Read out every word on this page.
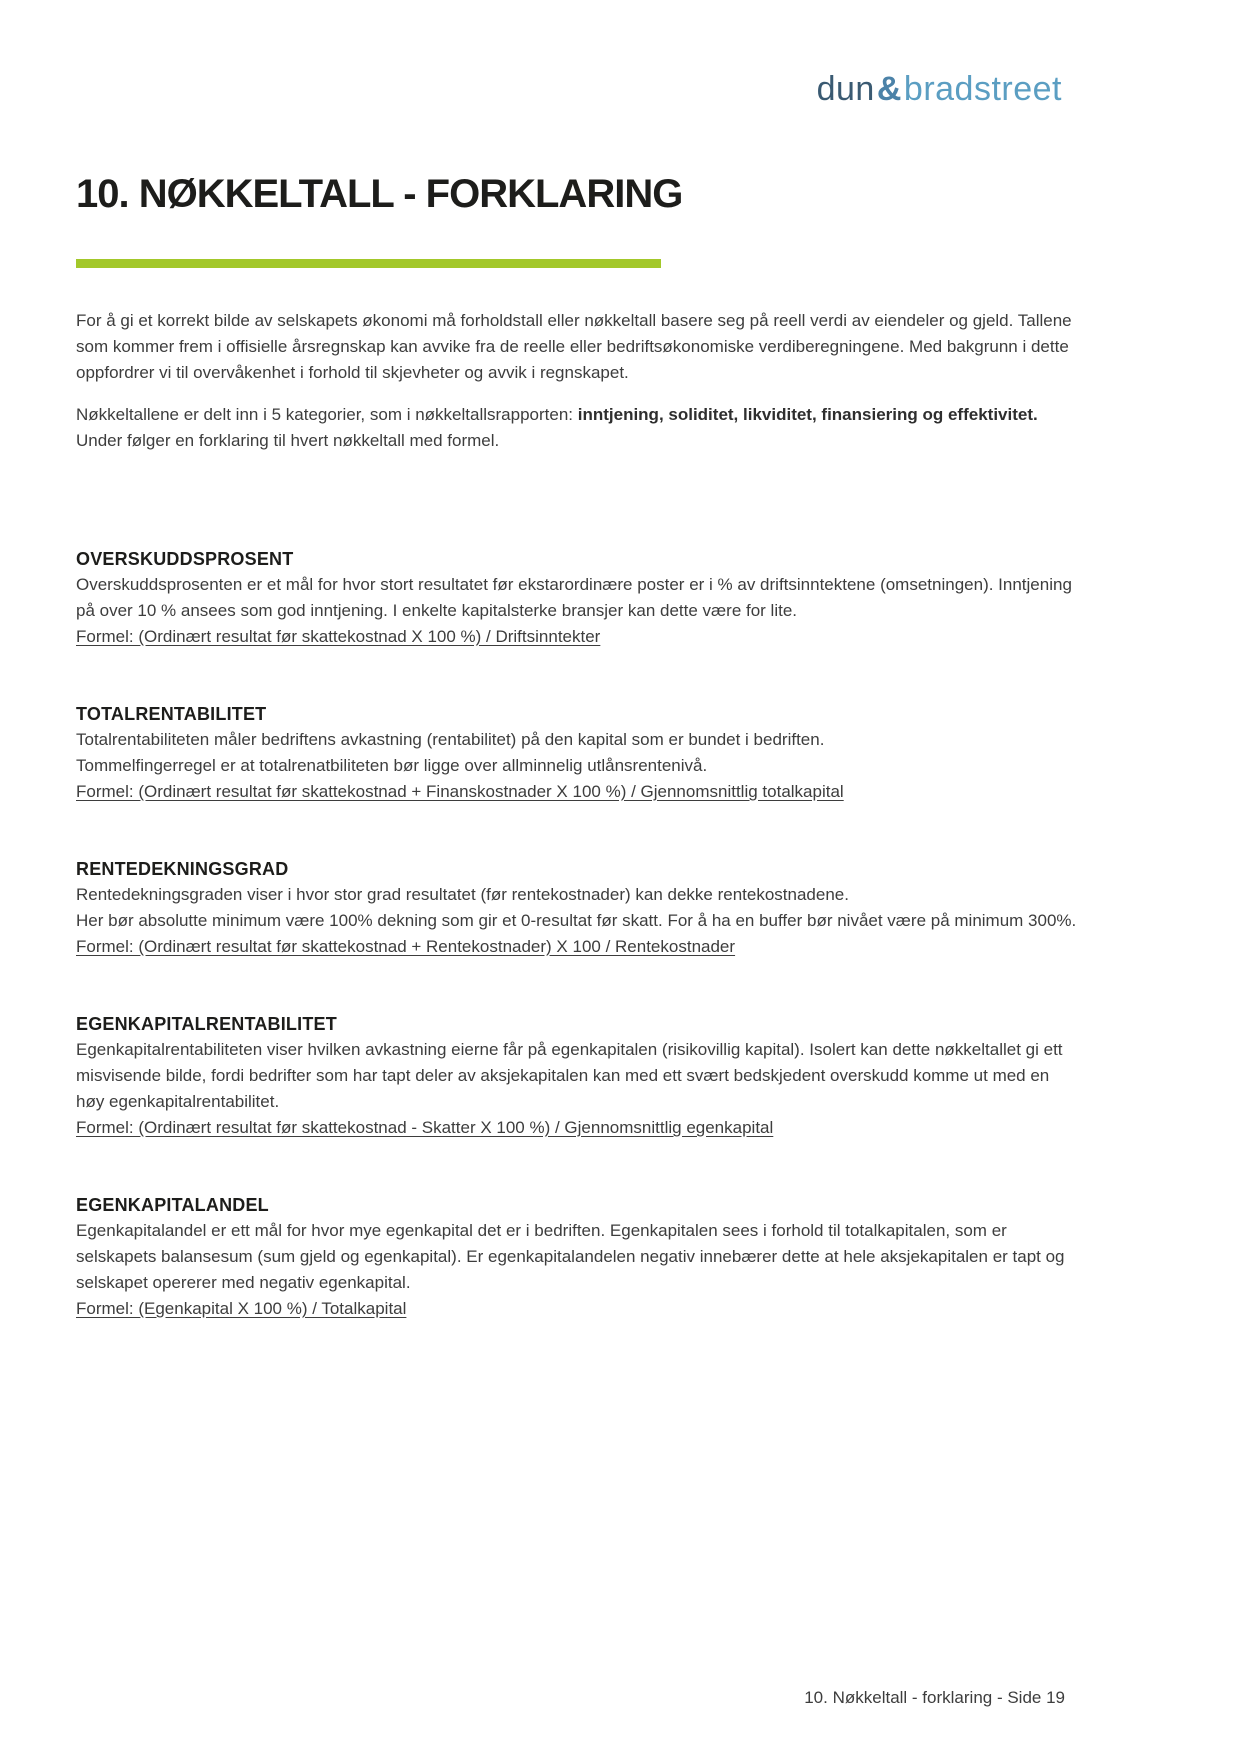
dun&bradstreet
10. NØKKELTALL - FORKLARING

For å gi et korrekt bilde av selskapets økonomi må forholdstall eller nøkkeltall basere seg på reell verdi av eiendeler og gjeld. Tallene som kommer frem i offisielle årsregnskap kan avvike fra de reelle eller bedriftsøkonomiske verdiberegningene. Med bakgrunn i dette oppfordrer vi til overvåkenhet i forhold til skjevheter og avvik i regnskapet.

Nøkkeltallene er delt inn i 5 kategorier, som i nøkkeltallsrapporten: inntjening, soliditet, likviditet, finansiering og effektivitet. Under følger en forklaring til hvert nøkkeltall med formel.

OVERSKUDDSPROSENT

Overskuddsprosenten er et mål for hvor stort resultatet før ekstarordinære poster er i % av driftsinntektene (omsetningen). Inntjening på over 10 % ansees som god inntjening. I enkelte kapitalsterke bransjer kan dette være for lite.

Formel: (Ordinært resultat før skattekostnad X 100 %) / Driftsinntekter
TOTALRENTABILITET

Totalrentabiliteten måler bedriftens avkastning (rentabilitet) på den kapital som er bundet i bedriften.

Tommelfingerregel er at totalrenatbiliteten bør ligge over allminnelig utlånsrentenivå.

Formel: (Ordinært resultat før skattekostnad + Finanskostnader X 100 %) / Gjennomsnittlig totalkapital
RENTEDEKNINGSGRAD

Rentedekningsgraden viser i hvor stor grad resultatet (før rentekostnader) kan dekke rentekostnadene.

Her bør absolutte minimum være 100% dekning som gir et 0-resultat før skatt. For å ha en buffer bør nivået være på minimum 300%.

Formel: (Ordinært resultat før skattekostnad + Rentekostnader) X 100 / Rentekostnader
EGENKAPITALRENTABILITET

Egenkapitalrentabiliteten viser hvilken avkastning eierne får på egenkapitalen (risikovillig kapital). Isolert kan dette nøkkeltallet gi ett misvisende bilde, fordi bedrifter som har tapt deler av aksjekapitalen kan med ett svært bedskjedent overskudd komme ut med en høy egenkapitalrentabilitet.

Formel: (Ordinært resultat før skattekostnad - Skatter X 100 %) / Gjennomsnittlig egenkapital
EGENKAPITALANDEL

Egenkapitalandel er ett mål for hvor mye egenkapital det er i bedriften. Egenkapitalen sees i forhold til totalkapitalen, som er selskapets balansesum (sum gjeld og egenkapital). Er egenkapitalandelen negativ innebærer dette at hele aksjekapitalen er tapt og selskapet opererer med negativ egenkapital.

Formel: (Egenkapital X 100 %) / Totalkapital
10. Nøkkeltall - forklaring - Side 19
